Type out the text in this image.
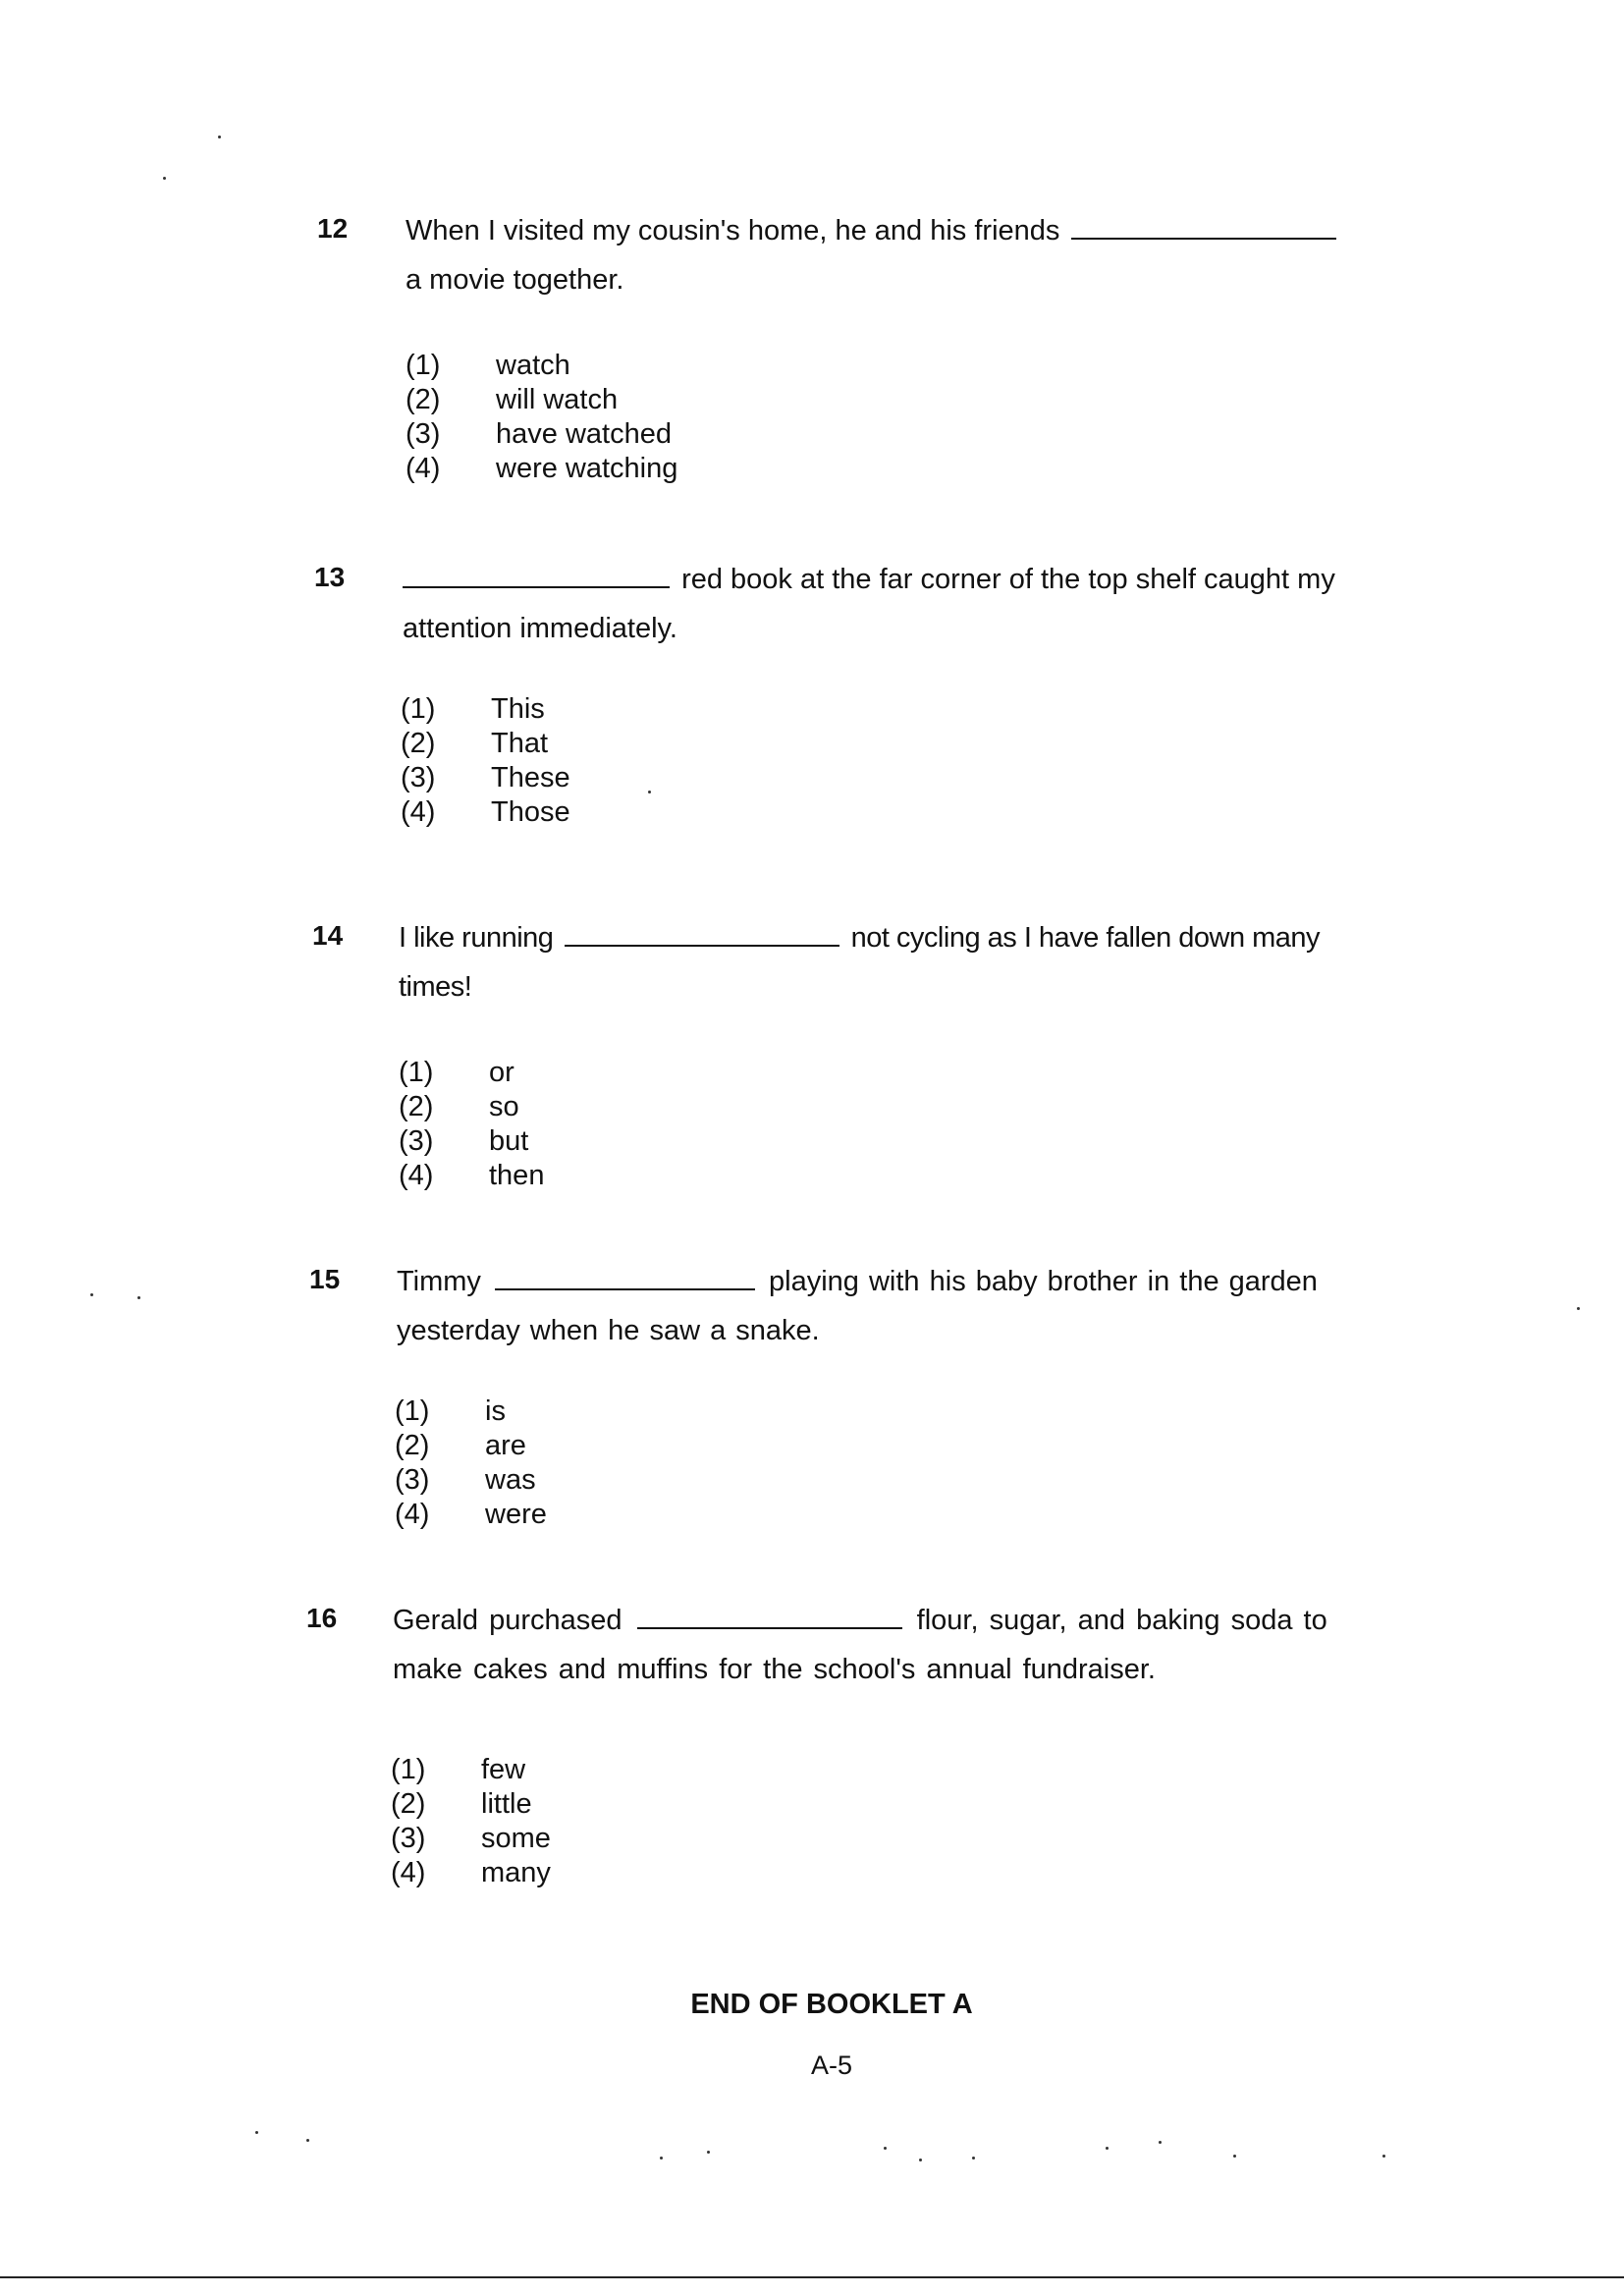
12 When I visited my cousin's home, he and his friends
a movie together.
(1)	watch
(2)	will watch
(3)	have watched
(4)	were watching
13	red book at the far corner of the top shelf caught my attention immediately.
(1)	This
(2)	That
(3)	These
(4)	Those
14 I like running	not cycling as I have fallen down many times!
(1)	or
(2)	so
(3)	but
(4)	then
15 Timmy	playing with his baby brother in the garden yesterday when he saw a snake.
(1)	is
(2)	are
(3)	was
(4)	were
16 Gerald purchased	flour, sugar, and baking soda to make cakes and muffins for the school's annual fundraiser.
(1)	few
(2)	little
(3)	some
(4)	many
END OF BOOKLET A
A-5
